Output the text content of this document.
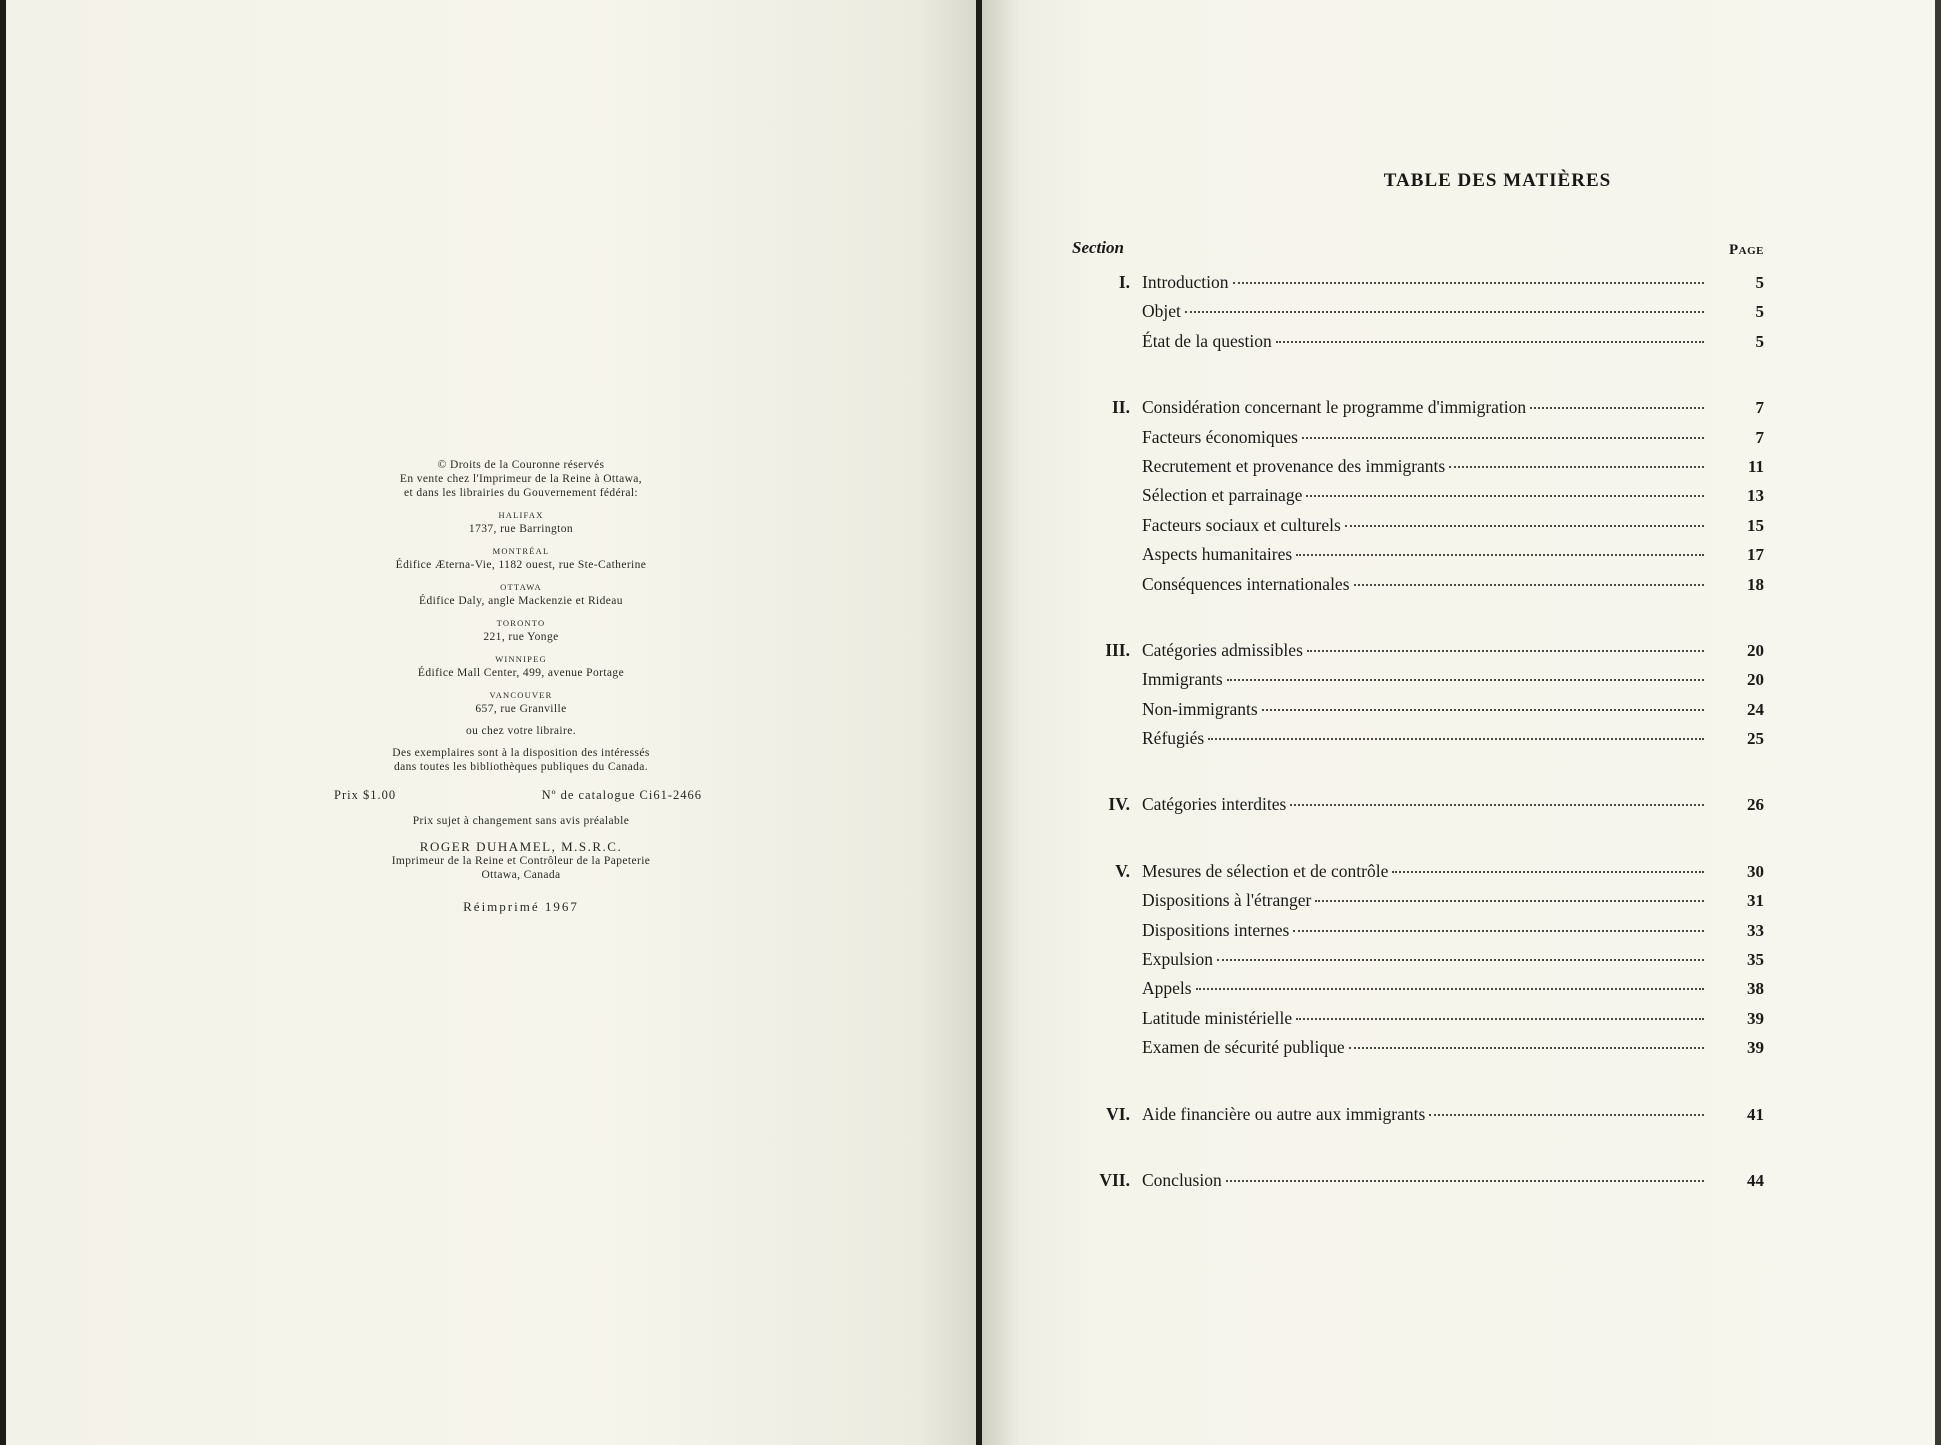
© Droits de la Couronne réservés

En vente chez l'Imprimeur de la Reine à Ottawa,

et dans les librairies du Gouvernement fédéral:

HALIFAX

1737, rue Barrington

MONTRÉAL

Édifice Æterna-Vie, 1182 ouest, rue Ste-Catherine

OTTAWA

Édifice Daly, angle Mackenzie et Rideau

TORONTO

221, rue Yonge

WINNIPEG

Édifice Mall Center, 499, avenue Portage

VANCOUVER

657, rue Granville

ou chez votre libraire.

Des exemplaires sont à la disposition des intéressés

dans toutes les bibliothèques publiques du Canada.

Prix $1.00	Nº de catalogue Ci61-2466

Prix sujet à changement sans avis préalable

ROGER DUHAMEL, M.S.R.C.

Imprimeur de la Reine et Contrôleur de la Papeterie

Ottawa, Canada

Réimprimé 1967

TABLE DES MATIÈRES
Section	Page
I. Introduction	5
Objet	5
État de la question	5
II. Considération concernant le programme d'immigration	7
Facteurs économiques	7
Recrutement et provenance des immigrants	11
Sélection et parrainage	13
Facteurs sociaux et culturels	15
Aspects humanitaires	17
Conséquences internationales	18
III. Catégories admissibles	20
Immigrants	20
Non-immigrants	24
Réfugiés	25
IV. Catégories interdites	26
V. Mesures de sélection et de contrôle	30
Dispositions à l'étranger	31
Dispositions internes	33
Expulsion	35
Appels	38
Latitude ministérielle	39
Examen de sécurité publique	39
VI. Aide financière ou autre aux immigrants	41
VII. Conclusion	44
